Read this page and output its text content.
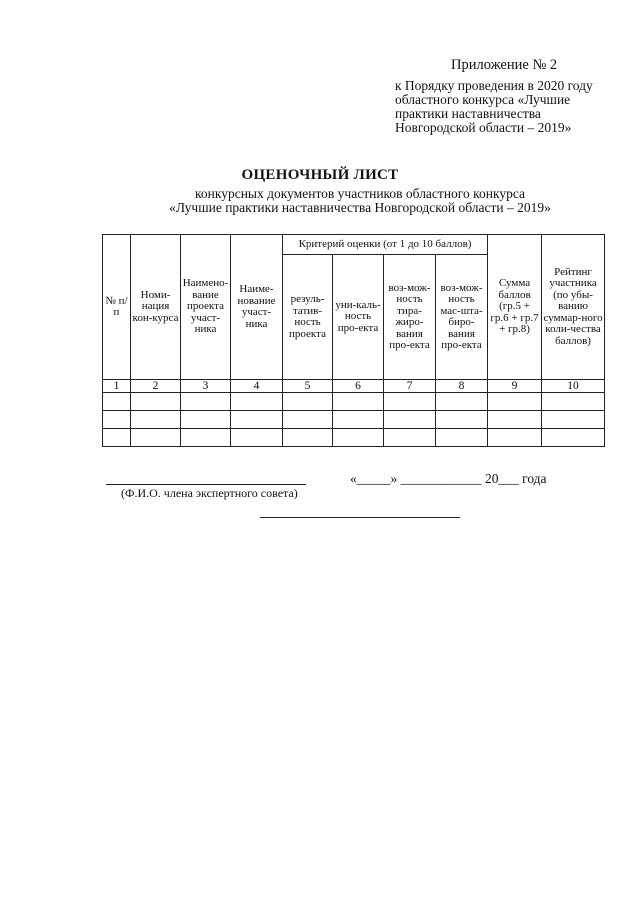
Приложение № 2
к Порядку проведения в 2020 году
областного конкурса «Лучшие
практики наставничества
Новгородской области – 2019»
ОЦЕНОЧНЫЙ ЛИСТ
конкурсных документов участников областного конкурса
«Лучшие практики наставничества Новгородской области – 2019»
№ п/п	Номи-нация кон-курса	Наимено-вание проекта участ-ника	Наиме-нование участ-ника	Критерий оценки (от 1 до 10 баллов)				Сумма баллов (гр.5 + гр.6 + гр.7 + гр.8)	Рейтинг участника (по убы-ванию суммар-ного коли-чества баллов)
				резуль-татив-ность проекта	уни-каль-ность про-екта	воз-мож-ность тира-жиро-вания про-екта	воз-мож-ность мас-шта-биро-вания про-екта		
1	2	3	4	5	6	7	8	9	10

(Ф.И.О. члена экспертного совета)
«_____» ____________ 20___ года
